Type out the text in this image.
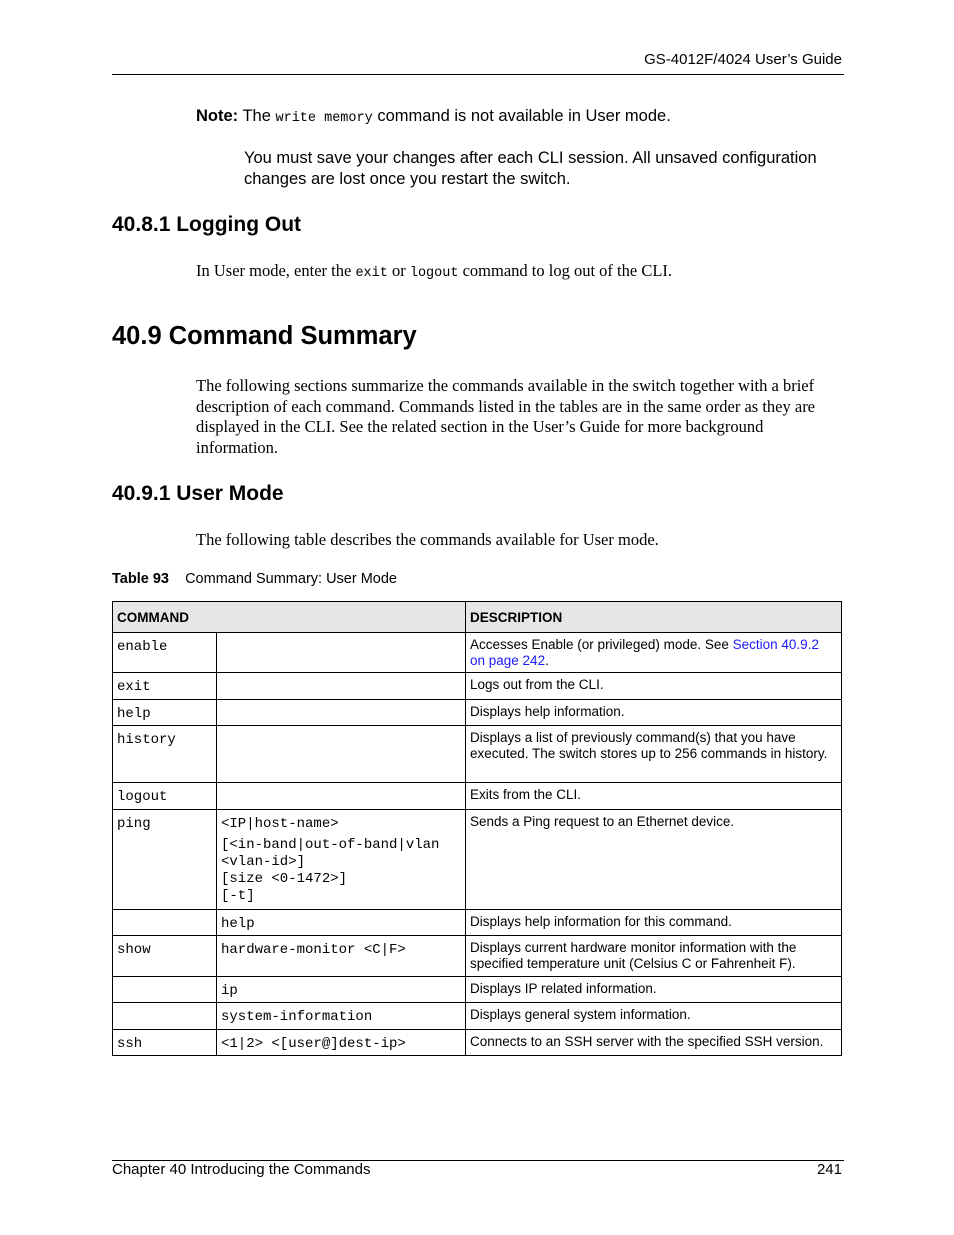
GS-4012F/4024 User’s Guide
Note: The write memory command is not available in User mode.
You must save your changes after each CLI session. All unsaved configuration changes are lost once you restart the switch.
40.8.1 Logging Out
In User mode, enter the exit or logout command to log out of the CLI.
40.9 Command Summary
The following sections summarize the commands available in the switch together with a brief description of each command. Commands listed in the tables are in the same order as they are displayed in the CLI. See the related section in the User’s Guide for more background information.
40.9.1 User Mode
The following table describes the commands available for User mode.
Table 93 Command Summary: User Mode
COMMAND		DESCRIPTION
enable		Accesses Enable (or privileged) mode. See Section 40.9.2 on page 242.
exit		Logs out from the CLI.
help		Displays help information.
history		Displays a list of previously command(s) that you have executed. The switch stores up to 256 commands in history.
logout		Exits from the CLI.
ping	<IP|host-name>
[<in-band|out-of-band|vlan <vlan-id>]
[size <0-1472>]
[-t]	Sends a Ping request to an Ethernet device.

	help	Displays help information for this command.
show	hardware-monitor <C|F>	Displays current hardware monitor information with the specified temperature unit (Celsius C or Fahrenheit F).

	ip	Displays IP related information.

	system-information	Displays general system information.
ssh	<1|2> <[user@]dest-ip>	Connects to an SSH server with the specified SSH version.
Chapter 40 Introducing the Commands	241
